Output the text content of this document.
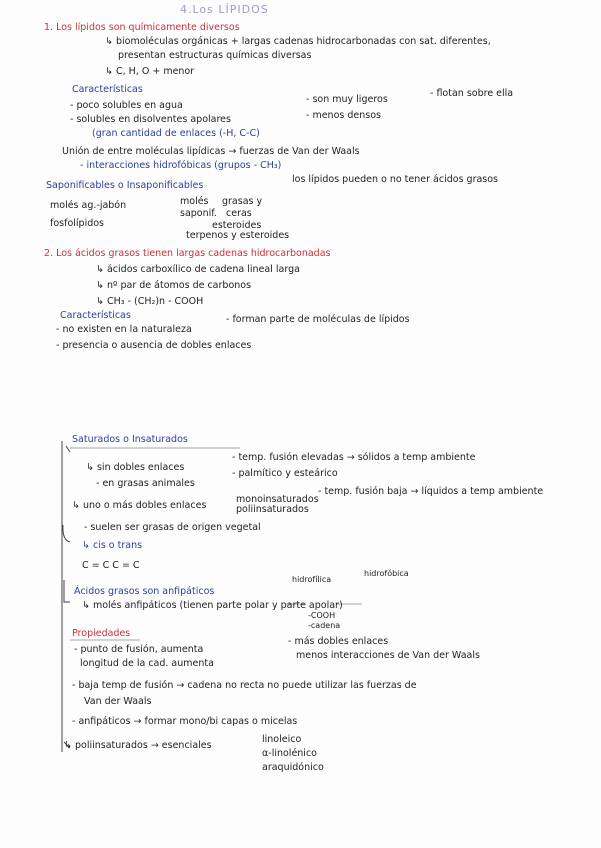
4.Los LÍPIDOS
1. Los lípidos son químicamente diversos
↳ biomoléculas orgánicas + largas cadenas hidrocarbonadas con sat. diferentes,
presentan estructuras químicas diversas
↳ C, H, O + menor
Características
- poco solubles en agua
- solubles en disolventes apolares
(gran cantidad de enlaces (-H, C-C)
- son muy ligeros
- flotan sobre ella
- menos densos
Unión de entre moléculas lipídicas → fuerzas de Van der Waals
- interacciones hidrofóbicas (grupos - CH₃)
Saponificables o Insaponificables
los lípidos pueden o no tener ácidos grasos
molés ag.-jabón
fosfolípidos
molés
saponif.
grasas y
ceras
esteroides
terpenos y esteroides
2. Los ácidos grasos tienen largas cadenas hidrocarbonadas
↳ ácidos carboxílico de cadena lineal larga
↳ nº par de átomos de carbonos
↳ CH₃ - (CH₂)n - COOH
Características
- no existen en la naturaleza
- forman parte de moléculas de lípidos
- presencia o ausencia de dobles enlaces
Saturados o Insaturados
↳ sin dobles enlaces
- temp. fusión elevadas → sólidos a temp ambiente
- en grasas animales
- palmítico y esteárico
↳ uno o más dobles enlaces
monoinsaturados
poliinsaturados
- temp. fusión baja → líquidos a temp ambiente
- suelen ser grasas de origen vegetal
↳ cis o trans
C = C C = C
Ácidos grasos son anfipáticos
↳ molés anfipáticos (tienen parte polar y parte apolar)
hidrofílica
hidrofóbica
-COOH
-cadena
Propiedades
- punto de fusión, aumenta
longitud de la cad. aumenta
- más dobles enlaces
menos interacciones de Van der Waals
- baja temp de fusión → cadena no recta no puede utilizar las fuerzas de
Van der Waals
- anfipáticos → formar mono/bi capas o micelas
↳ poliinsaturados → esenciales
linoleico
α-linolénico
araquidónico
